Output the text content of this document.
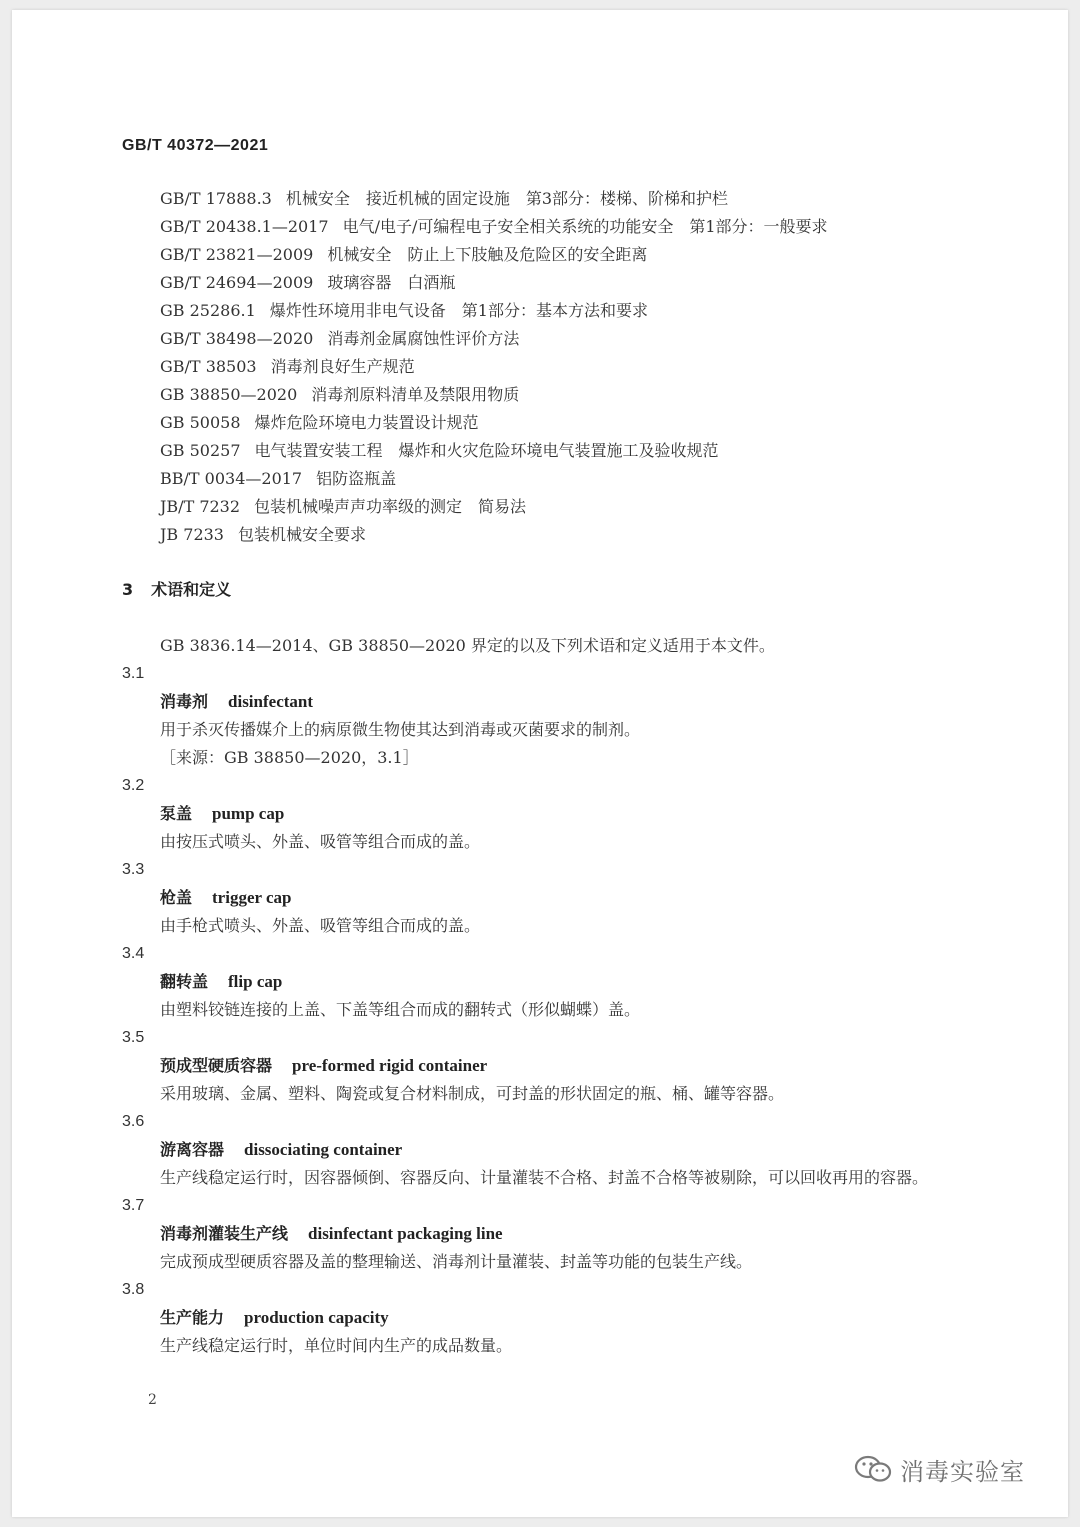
GB/T 40372—2021
GB/T 17888.3 机械安全　接近机械的固定设施　第3部分：楼梯、阶梯和护栏
GB/T 20438.1—2017 电气/电子/可编程电子安全相关系统的功能安全　第1部分：一般要求
GB/T 23821—2009 机械安全　防止上下肢触及危险区的安全距离
GB/T 24694—2009 玻璃容器　白酒瓶
GB 25286.1 爆炸性环境用非电气设备　第1部分：基本方法和要求
GB/T 38498—2020 消毒剂金属腐蚀性评价方法
GB/T 38503 消毒剂良好生产规范
GB 38850—2020 消毒剂原料清单及禁限用物质
GB 50058 爆炸危险环境电力装置设计规范
GB 50257 电气装置安装工程　爆炸和火灾危险环境电气装置施工及验收规范
BB/T 0034—2017 铝防盗瓶盖
JB/T 7232 包装机械噪声声功率级的测定　简易法
JB 7233 包装机械安全要求
3 术语和定义
GB 3836.14—2014、GB 38850—2020 界定的以及下列术语和定义适用于本文件。
3.1
消毒剂 disinfectant
用于杀灭传播媒介上的病原微生物使其达到消毒或灭菌要求的制剂。
［来源：GB 38850—2020，3.1］
3.2
泵盖 pump cap
由按压式喷头、外盖、吸管等组合而成的盖。
3.3
枪盖 trigger cap
由手枪式喷头、外盖、吸管等组合而成的盖。
3.4
翻转盖 flip cap
由塑料铰链连接的上盖、下盖等组合而成的翻转式（形似蝴蝶）盖。
3.5
预成型硬质容器 pre-formed rigid container
采用玻璃、金属、塑料、陶瓷或复合材料制成，可封盖的形状固定的瓶、桶、罐等容器。
3.6
游离容器 dissociating container
生产线稳定运行时，因容器倾倒、容器反向、计量灌装不合格、封盖不合格等被剔除，可以回收再用的容器。
3.7
消毒剂灌装生产线 disinfectant packaging line
完成预成型硬质容器及盖的整理输送、消毒剂计量灌装、封盖等功能的包装生产线。
3.8
生产能力 production capacity
生产线稳定运行时，单位时间内生产的成品数量。
2
消毒实验室
